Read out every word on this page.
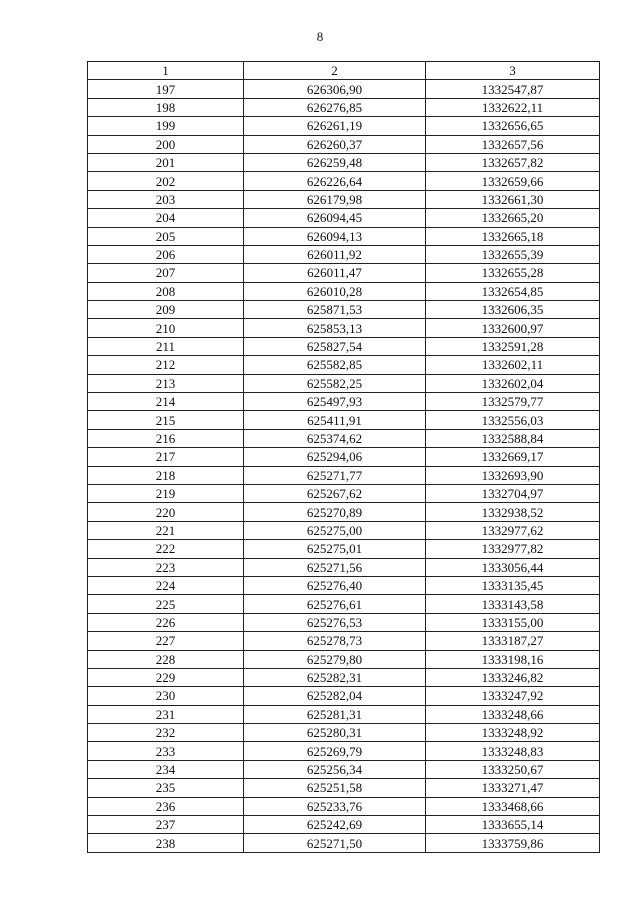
8
1	2	3
197	626306,90	1332547,87
198	626276,85	1332622,11
199	626261,19	1332656,65
200	626260,37	1332657,56
201	626259,48	1332657,82
202	626226,64	1332659,66
203	626179,98	1332661,30
204	626094,45	1332665,20
205	626094,13	1332665,18
206	626011,92	1332655,39
207	626011,47	1332655,28
208	626010,28	1332654,85
209	625871,53	1332606,35
210	625853,13	1332600,97
211	625827,54	1332591,28
212	625582,85	1332602,11
213	625582,25	1332602,04
214	625497,93	1332579,77
215	625411,91	1332556,03
216	625374,62	1332588,84
217	625294,06	1332669,17
218	625271,77	1332693,90
219	625267,62	1332704,97
220	625270,89	1332938,52
221	625275,00	1332977,62
222	625275,01	1332977,82
223	625271,56	1333056,44
224	625276,40	1333135,45
225	625276,61	1333143,58
226	625276,53	1333155,00
227	625278,73	1333187,27
228	625279,80	1333198,16
229	625282,31	1333246,82
230	625282,04	1333247,92
231	625281,31	1333248,66
232	625280,31	1333248,92
233	625269,79	1333248,83
234	625256,34	1333250,67
235	625251,58	1333271,47
236	625233,76	1333468,66
237	625242,69	1333655,14
238	625271,50	1333759,86
